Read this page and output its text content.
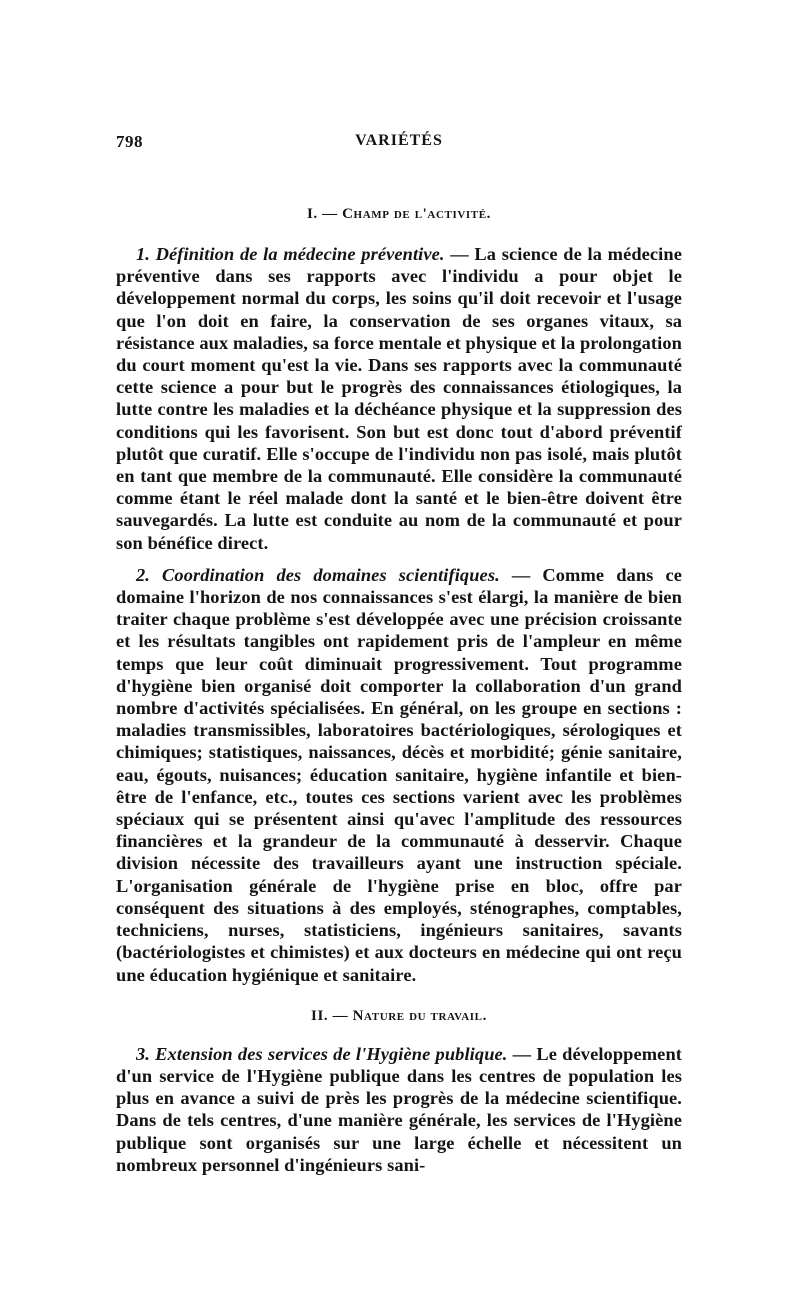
798	VARIÉTÉS
I. — Champ de l'activité.

1. Définition de la médecine préventive. — La science de la médecine préventive dans ses rapports avec l'individu a pour objet le développement normal du corps, les soins qu'il doit recevoir et l'usage que l'on doit en faire, la conservation de ses organes vitaux, sa résistance aux maladies, sa force mentale et physique et la prolongation du court moment qu'est la vie. Dans ses rapports avec la communauté cette science a pour but le progrès des connaissances étiologiques, la lutte contre les maladies et la déchéance physique et la suppression des conditions qui les favorisent. Son but est donc tout d'abord préventif plutôt que curatif. Elle s'occupe de l'individu non pas isolé, mais plutôt en tant que membre de la communauté. Elle considère la communauté comme étant le réel malade dont la santé et le bien-être doivent être sauvegardés. La lutte est conduite au nom de la communauté et pour son bénéfice direct.

2. Coordination des domaines scientifiques. — Comme dans ce domaine l'horizon de nos connaissances s'est élargi, la manière de bien traiter chaque problème s'est développée avec une précision croissante et les résultats tangibles ont rapidement pris de l'ampleur en même temps que leur coût diminuait progressivement. Tout programme d'hygiène bien organisé doit comporter la collaboration d'un grand nombre d'activités spécialisées. En général, on les groupe en sections : maladies transmissibles, laboratoires bactériologiques, sérologiques et chimiques; statistiques, naissances, décès et morbidité; génie sanitaire, eau, égouts, nuisances; éducation sanitaire, hygiène infantile et bien-être de l'enfance, etc., toutes ces sections varient avec les problèmes spéciaux qui se présentent ainsi qu'avec l'amplitude des ressources financières et la grandeur de la communauté à desservir. Chaque division nécessite des travailleurs ayant une instruction spéciale. L'organisation générale de l'hygiène prise en bloc, offre par conséquent des situations à des employés, sténographes, comptables, techniciens, nurses, statisticiens, ingénieurs sanitaires, savants (bactériologistes et chimistes) et aux docteurs en médecine qui ont reçu une éducation hygiénique et sanitaire.

II. — Nature du travail.

3. Extension des services de l'Hygiène publique. — Le développement d'un service de l'Hygiène publique dans les centres de population les plus en avance a suivi de près les progrès de la médecine scientifique. Dans de tels centres, d'une manière générale, les services de l'Hygiène publique sont organisés sur une large échelle et nécessitent un nombreux personnel d'ingénieurs sani-
